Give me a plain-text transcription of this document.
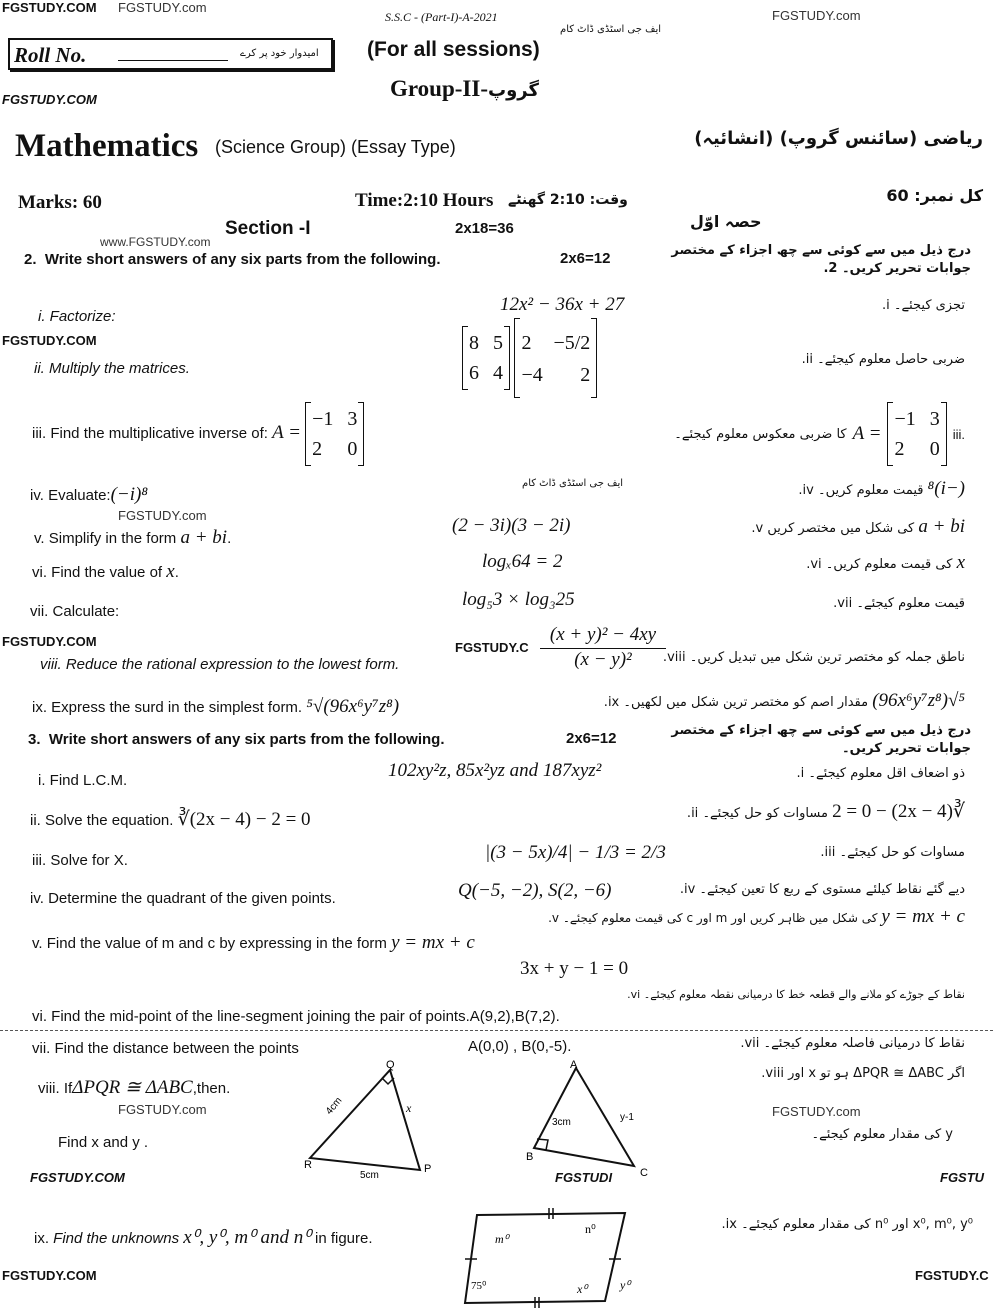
FGSTUDY.COM FGSTUDY.com
FGSTUDY.com
FGSTUDY.COM
www.FGSTUDY.com
FGSTUDY.COM
FGSTUDY.com
FGSTUDY.COM	FGSTUDY.C
FGSTUDY.com	FGSTUDY.com
FGSTUDY.COM	FGSTUDI	FGSTU
FGSTUDY.COM	FGSTUDY.C
S.S.C - (Part-I)-A-2021
ایف جی اسٹڈی ڈاٹ کام
Roll No.	امیدوار خود پر کرے (For all sessions)
Group-II-گروپ
Mathematics (Science Group) (Essay Type)	ریاضی (سائنس گروپ) (انشائیہ)
Marks: 60	Time:2:10 Hours وقت: 2:10 گھنٹے	کل نمبر: 60
Section -I	2x18=36	حصہ اوّل
2. Write short answers of any six parts from the following.	2x6=12	درج ذیل میں سے کوئی سے چھ اجزاء کے مختصر جوابات تحریر کریں۔ 2.
i. Factorize:
12x² − 36x + 27	تجزی کیجئے۔ i.
ii. Multiply the matrices.
8 5
6 4

2 −5/2
−4 2
ضربی حاصل معلوم کیجئے۔ ii.
iii. Find the multiplicative inverse of: A =
−1 3
2 0
کا ضربی معکوس معلوم کیجئے۔ A =
−1 3
2 0
iii.
iv. Evaluate:(−i)⁸
ایف جی اسٹڈی ڈاٹ کام	(−i)⁸ قیمت معلوم کریں۔ iv.
v. Simplify in the form a + bi.
(2 − 3i)(3 − 2i)	a + bi کی شکل میں مختصر کریں v.
vi. Find the value of x.
logₓ64 = 2	x کی قیمت معلوم کریں۔ vi.
vii. Calculate:
log₅3 × log₃25	قیمت معلوم کیجئے۔ vii.
viii. Reduce the rational expression to the lowest form.
(x + y)² − 4xy
(x − y)²	ناطق جملہ کو مختصر ترین شکل میں تبدیل کریں۔ viii.
ix. Express the surd in the simplest form. ⁵√(96x⁶y⁷z⁸)	⁵√(96x⁶y⁷z⁸) مقدار اصم کو مختصر ترین شکل میں لکھیں۔ ix.
3. Write short answers of any six parts from the following.	2x6=12	درج ذیل میں سے کوئی سے چھ اجزاء کے مختصر جوابات تحریر کریں۔
i. Find L.C.M.	102xy²z, 85x²yz and 187xyz²	ذو اضعاف اقل معلوم کیجئے۔ i.
ii. Solve the equation. ∛(2x − 4) − 2 = 0	∛(2x − 4) − 2 = 0 مساوات کو حل کیجئے۔ ii.
iii. Solve for X.	|(3 − 5x)/4| − 1/3 = 2/3	مساوات کو حل کیجئے۔ iii.
iv. Determine the quadrant of the given points.	Q(−5, −2), S(2, −6)	دیے گئے نقاط کیلئے مستوی کے ربع کا تعین کیجئے۔ iv.
v. Find the value of m and c by expressing in the form y = mx + c
3x + y − 1 = 0
y = mx + c کی شکل میں ظاہر کریں اور m اور c کی قیمت معلوم کیجئے۔ v.
vi. Find the mid-point of the line-segment joining the pair of points.A(9,2),B(7,2).
نقاط کے جوڑے کو ملانے والے قطعہ خط کا درمیانی نقطہ معلوم کیجئے۔ vi.
vii. Find the distance between the points	A(0,0) , B(0,-5).	نقاط کا درمیانی فاصلہ معلوم کیجئے۔ vii.
viii. IfΔPQR ≅ ΔABC,then.
Find x and y .
اگر ΔPQR ≅ ΔABC ہو تو x اور viii.
y کی مقدار معلوم کیجئے۔
Q
R	P
4cm
5cm
x
A
B
C
3cm	y-1
ix. Find the unknowns x⁰, y⁰, m⁰ and n⁰ in figure.
x⁰, m⁰, y⁰ اور n⁰ کی مقدار معلوم کیجئے۔ ix.
m⁰
n⁰
75⁰	x⁰	y⁰
